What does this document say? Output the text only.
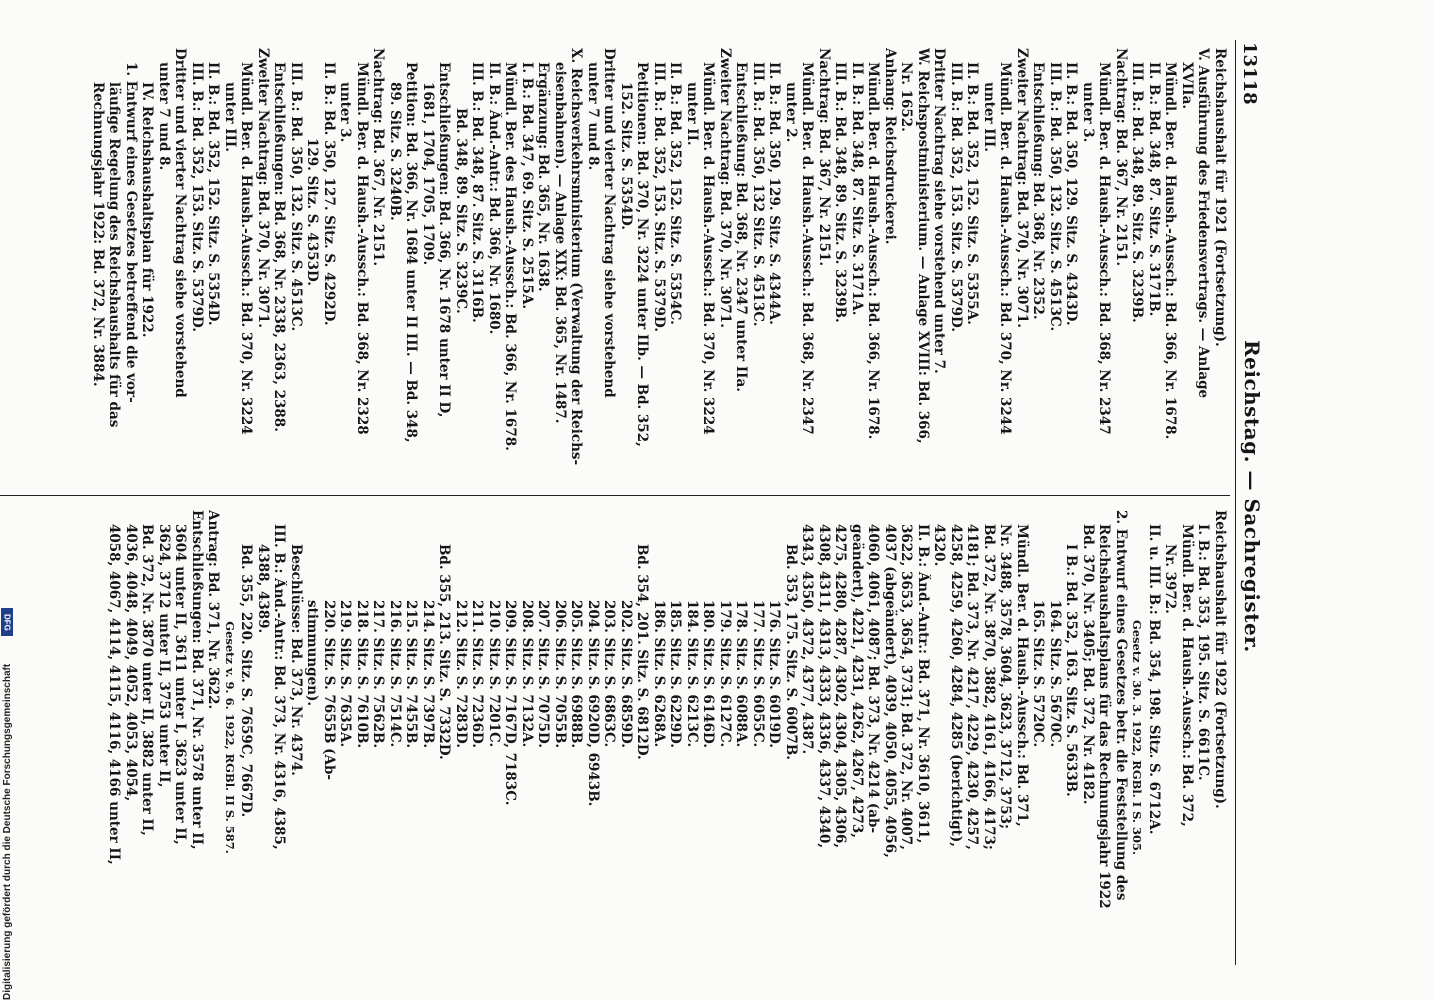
13118
Reichstag. — Sachregister.
Reichshaushalt für 1921 (Fortsetzung).
V. Ausführung des Friedensvertrags. — Anlage
XVIIa.
Mündl. Ber. d. Haush.-Aussch.: Bd. 366, Nr. 1678.
II. B.: Bd. 348, 87. Sitz. S. 3171B.
III. B.: Bd. 348, 89. Sitz. S. 3239B.
Nachtrag: Bd. 367, Nr. 2151.
Mündl. Ber. d. Haush.-Aussch.: Bd. 368, Nr. 2347
unter 3.
II. B.: Bd. 350, 129. Sitz. S. 4343D.
III. B.: Bd. 350, 132. Sitz. S. 4513C.
Entschließung: Bd. 368, Nr. 2352.
Zweiter Nachtrag: Bd. 370, Nr. 3071.
Mündl. Ber. d. Haush.-Aussch.: Bd. 370, Nr. 3244
unter III.
II. B.: Bd. 352, 152. Sitz. S. 5355A.
III. B.: Bd. 352, 153. Sitz. S. 5379D.
Dritter Nachtrag siehe vorstehend unter 7.
W. Reichspostministerium. — Anlage XVIII: Bd. 366,
Nr. 1652.
Anhang: Reichsdruckerei.
Mündl. Ber. d. Haush.-Aussch.: Bd. 366, Nr. 1678.
II. B.: Bd. 348, 87. Sitz. S. 3171A.
III. B.: Bd. 348, 89. Sitz. S. 3239B.
Nachtrag: Bd. 367, Nr. 2151.
Mündl. Ber. d. Haush.-Aussch.: Bd. 368, Nr. 2347
unter 2.
II. B.: Bd. 350, 129. Sitz. S. 4344A.
III. B.: Bd. 350, 132 Sitz. S. 4513C.
Entschließung: Bd. 368, Nr. 2347 unter IIa.
Zweiter Nachtrag: Bd. 370, Nr. 3071.
Mündl. Ber. d. Haush.-Aussch.: Bd. 370, Nr. 3224
unter II.
II. B.: Bd. 352, 152. Sitz. S. 5354C.
III. B.: Bd. 352, 153. Sitz. S. 5379D.
Petitionen: Bd. 370, Nr. 3224 unter IIb. — Bd. 352,
152. Sitz. S. 5354D.
Dritter und vierter Nachtrag siehe vorstehend
unter 7 und 8.
X. Reichsverkehrsministerium (Verwaltung der Reichs-
eisenbahnen). — Anlage XIX: Bd. 365, Nr. 1487.
Ergänzung: Bd. 365, Nr. 1638.
I. B.: Bd. 347, 69. Sitz. S. 2515A.
Mündl. Ber. des Haush.-Aussch.: Bd. 366, Nr. 1678.
II. B.: Änd.-Antr.: Bd. 366, Nr. 1680.
III. B.: Bd. 348, 87. Sitz. S. 3116B.
Bd. 348, 89. Sitz. S. 3239C.
Entschließungen: Bd. 366, Nr. 1678 unter II D,
1681, 1704, 1705, 1709.
Petition: Bd. 366, Nr. 1684 unter II III. — Bd. 348,
89. Sitz. S. 3240B.
Nachtrag: Bd. 367, Nr. 2151.
Mündl. Ber. d. Haush.-Aussch.: Bd. 368, Nr. 2328
unter 3.
II. B.: Bd. 350, 127. Sitz. S. 4292D.
129. Sitz. S. 4353D.
III. B.: Bd. 350, 132. Sitz. S. 4513C.
Entschließungen: Bd. 368, Nr. 2338, 2363, 2388.
Zweiter Nachtrag: Bd. 370, Nr. 3071.
Mündl. Ber. d. Haush.-Aussch.: Bd. 370, Nr. 3224
unter III.
II. B.: Bd. 352, 152. Sitz. S. 5354D.
III. B.: Bd. 352, 153. Sitz. S. 5379D.
Dritter und vierter Nachtrag siehe vorstehend
unter 7 und 8.
IV. Reichshaushaltsplan für 1922.
1. Entwurf eines Gesetzes betreffend die vor-
läufige Regelung des Reichshaushalts für das
Rechnungsjahr 1922: Bd. 372, Nr. 3884.
Reichshaushalt für 1922 (Fortsetzung).
I. B.: Bd. 353, 195. Sitz. S. 6611C.
Mündl. Ber. d. Haush.-Aussch.: Bd. 372,
Nr. 3972.
II. u. III. B.: Bd. 354, 198. Sitz. S. 6712A.
Gesetz v. 30. 3. 1922, RGBl. I S. 305.
2. Entwurf eines Gesetzes betr. die Feststellung des
Reichshaushaltsplans für das Rechnungsjahr 1922
Bd. 370, Nr. 3405; Bd. 372, Nr. 4182.
I B.: Bd. 352, 163. Sitz. S. 5633B.
164. Sitz. S. 5670C.
165. Sitz. S. 5720C.
Mündl. Ber. d. Haush.-Aussch.: Bd. 371,
Nr. 3488, 3578, 3604, 3623, 3712, 3753;
Bd. 372, Nr. 3870, 3882, 4161, 4166, 4173;
4181; Bd. 373, Nr. 4217, 4229, 4230, 4257,
4258, 4259, 4260, 4284, 4285 (berichtigt),
4320.
II. B.: Änd.-Antr.: Bd. 371, Nr. 3610, 3611,
3622, 3653, 3654, 3731; Bd. 372, Nr. 4007,
4037 (abgeändert), 4039, 4050, 4055, 4056,
4060, 4061, 4087; Bd. 373, Nr. 4214 (ab-
geändert), 4221, 4231, 4262, 4267, 4273,
4275, 4280, 4287, 4302, 4304, 4305, 4306,
4308, 4311, 4313, 4333, 4336, 4337, 4340,
4343, 4350, 4372, 4377, 4387.
Bd. 353, 175. Sitz. S. 6007B.
176. Sitz. S. 6019D.
177. Sitz. S. 6055C.
178. Sitz. S. 6088A.
179. Sitz. S. 6127C.
180. Sitz. S. 6146D.
184. Sitz. S. 6213C.
185. Sitz. S. 6229D.
186. Sitz. S. 6268A.
Bd. 354, 201. Sitz. S. 6812D.
202. Sitz. S. 6859D.
203. Sitz. S. 6863C.
204. Sitz. S. 6920D, 6943B.
205. Sitz. S. 6988B.
206. Sitz. S. 7055B.
207. Sitz. S. 7075D.
208. Sitz. S. 7132A.
209. Sitz. S. 7167D, 7183C.
210. Sitz. S. 7201C.
211. Sitz. S. 7236D.
212. Sitz. S. 7283D.
Bd. 355, 213. Sitz. S. 7332D.
214. Sitz. S. 7397B.
215. Sitz. S. 7455B.
216. Sitz. S. 7514C.
217. Sitz. S. 7562B.
218. Sitz. S. 7610B.
219. Sitz. S. 7635A.
220. Sitz. S. 7655B (Ab-
stimmungen).
Beschlüsse: Bd. 373, Nr. 4374.
III. B.: Änd.-Antr.: Bd. 373, Nr. 4316, 4385,
4388, 4389.
Bd. 355, 220. Sitz. S. 7659C, 7667D.
Gesetz v. 9. 6. 1922, RGBl. II S. 587.
Antrag: Bd. 371, Nr. 3622.
Entschließungen: Bd. 371, Nr. 3578 unter II,
3604 unter II, 3611 unter I, 3623 unter II,
3624, 3712 unter II, 3753 unter II,
Bd. 372, Nr. 3870 unter II, 3882 unter II,
4036, 4048, 4049, 4052, 4053, 4054,
4058, 4067, 4114, 4115, 4116, 4166 unter II,
Digitalisierung gefördert durch die Deutsche Forschungsgemeinschaft
DFG
